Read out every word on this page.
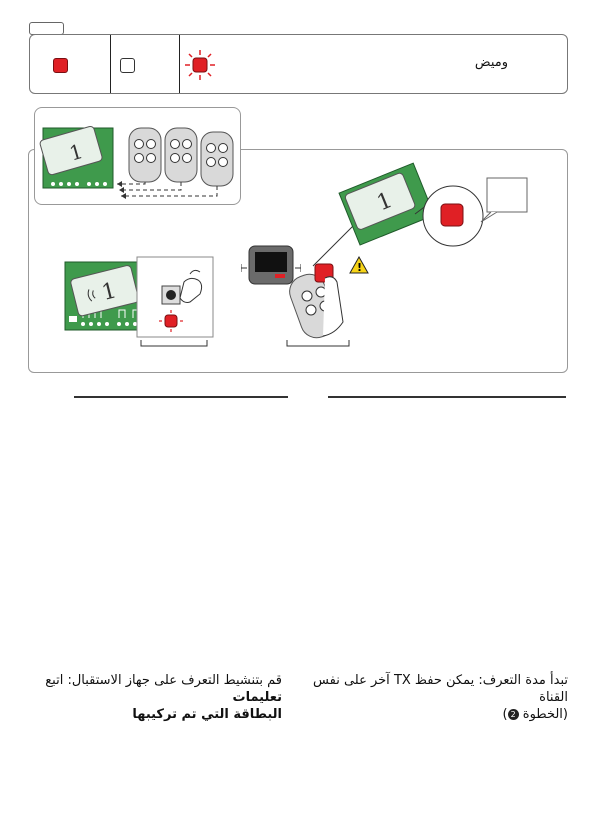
وميض
1
!
1
1
تبدأ مدة التعرف: يمكن حفظ TX آخر على نفس القناة
(الخطوة 2)
قم بتنشيط التعرف على جهاز الاستقبال: اتبع تعليمات
البطاقة التي تم تركيبها
